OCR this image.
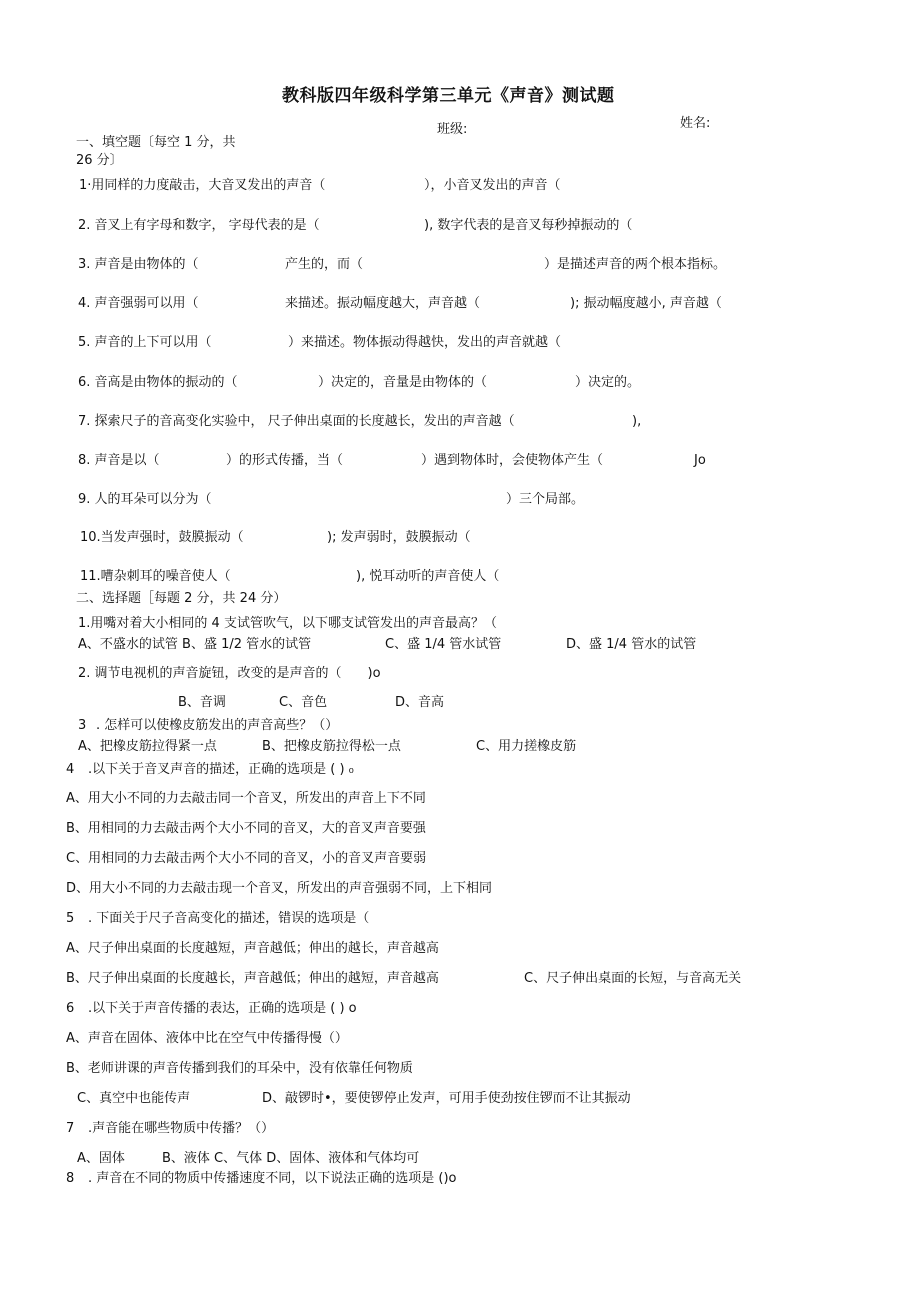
教科版四年级科学第三单元《声音》测试题
班级:	姓名:
一、填空题〔每空 1 分，共
26 分〕
1·用同样的力度敲击，大音叉发出的声音（	），小音叉发出的声音（
2. 音叉上有字母和数字， 字母代表的是（	), 数字代表的是音叉每秒掉振动的（
3. 声音是由物体的（	产生的，而（	）是描述声音的两个根本指标。
4. 声音强弱可以用（	来描述。振动幅度越大，声音越（	); 振动幅度越小, 声音越（
5. 声音的上下可以用（	）来描述。物体振动得越快，发出的声音就越（
6. 音高是由物体的振动的（	）决定的，音量是由物体的（	）决定的。
7. 探索尺子的音高变化实验中， 尺子伸出桌面的长度越长，发出的声音越（	),
8. 声音是以（	）的形式传播，当（	）遇到物体时，会使物体产生（	Jo
9. 人的耳朵可以分为（	）三个局部。
10.当发声强时，鼓膜振动（	); 发声弱时，鼓膜振动（
11.嘈杂刺耳的噪音使人（	), 悦耳动听的声音使人（
二、选择题［每题 2 分，共 24 分）
1.用嘴对着大小相同的 4 支试管吹气，以下哪支试管发出的声音最高？（
A、不盛水的试管 B、盛 1/2 管水的试管	C、盛 1/4 管水试管	D、盛 1/4 管水的试管
2. 调节电视机的声音旋钮，改变的是声音的（　　)o
B、音调	C、音色	D、音高
3 . 怎样可以使橡皮筋发出的声音高些？（）
A、把橡皮筋拉得紧一点	B、把橡皮筋拉得松一点	C、用力搓橡皮筋
4 .以下关于音叉声音的描述，正确的选项是 ( ) ₀
A、用大小不同的力去敲击同一个音叉，所发出的声音上下不同
B、用相同的力去敲击两个大小不同的音叉，大的音叉声音要强
C、用相同的力去敲击两个大小不同的音叉，小的音叉声音要弱
D、用大小不同的力去敲击现一个音叉，所发出的声音强弱不同，上下相同
5 . 下面关于尺子音高变化的描述，错误的选项是（
A、尺子伸出桌面的长度越短，声音越低；伸出的越长，声音越高
B、尺子伸出桌面的长度越长，声音越低；伸出的越短，声音越高	C、尺子伸出桌面的长短，与音高无关
6 .以下关于声音传播的表达，正确的选项是 ( ) o
A、声音在固体、液体中比在空气中传播得慢（）
B、老师讲课的声音传播到我们的耳朵中，没有依靠任何物质
C、真空中也能传声	D、敲锣时•，要使锣停止发声，可用手使劲按住锣而不让其振动
7 .声音能在哪些物质中传播？（）
A、固体	B、液体 C、气体 D、固体、液体和气体均可
8 . 声音在不同的物质中传播速度不同，以下说法正确的选项是 ()o
